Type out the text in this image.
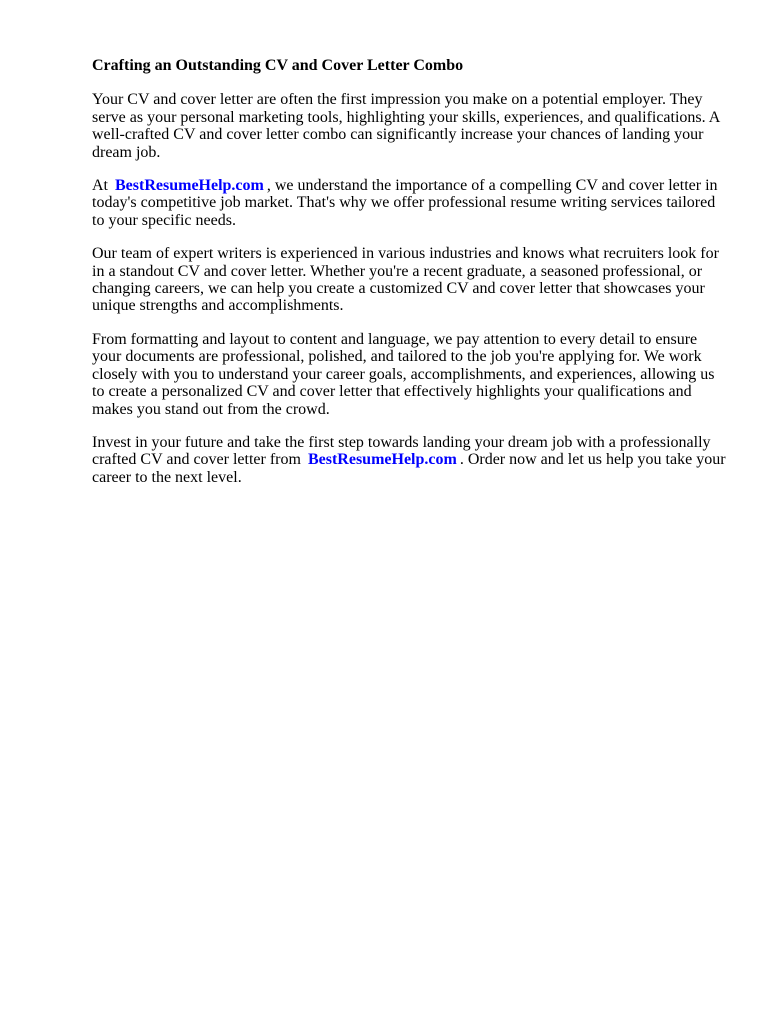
Crafting an Outstanding CV and Cover Letter Combo

Your CV and cover letter are often the first impression you make on a potential employer. They serve as your personal marketing tools, highlighting your skills, experiences, and qualifications. A well-crafted CV and cover letter combo can significantly increase your chances of landing your dream job.

At BestResumeHelp.com , we understand the importance of a compelling CV and cover letter in today's competitive job market. That's why we offer professional resume writing services tailored to your specific needs.

Our team of expert writers is experienced in various industries and knows what recruiters look for in a standout CV and cover letter. Whether you're a recent graduate, a seasoned professional, or changing careers, we can help you create a customized CV and cover letter that showcases your unique strengths and accomplishments.

From formatting and layout to content and language, we pay attention to every detail to ensure your documents are professional, polished, and tailored to the job you're applying for. We work closely with you to understand your career goals, accomplishments, and experiences, allowing us to create a personalized CV and cover letter that effectively highlights your qualifications and makes you stand out from the crowd.

Invest in your future and take the first step towards landing your dream job with a professionally crafted CV and cover letter from BestResumeHelp.com . Order now and let us help you take your career to the next level.
